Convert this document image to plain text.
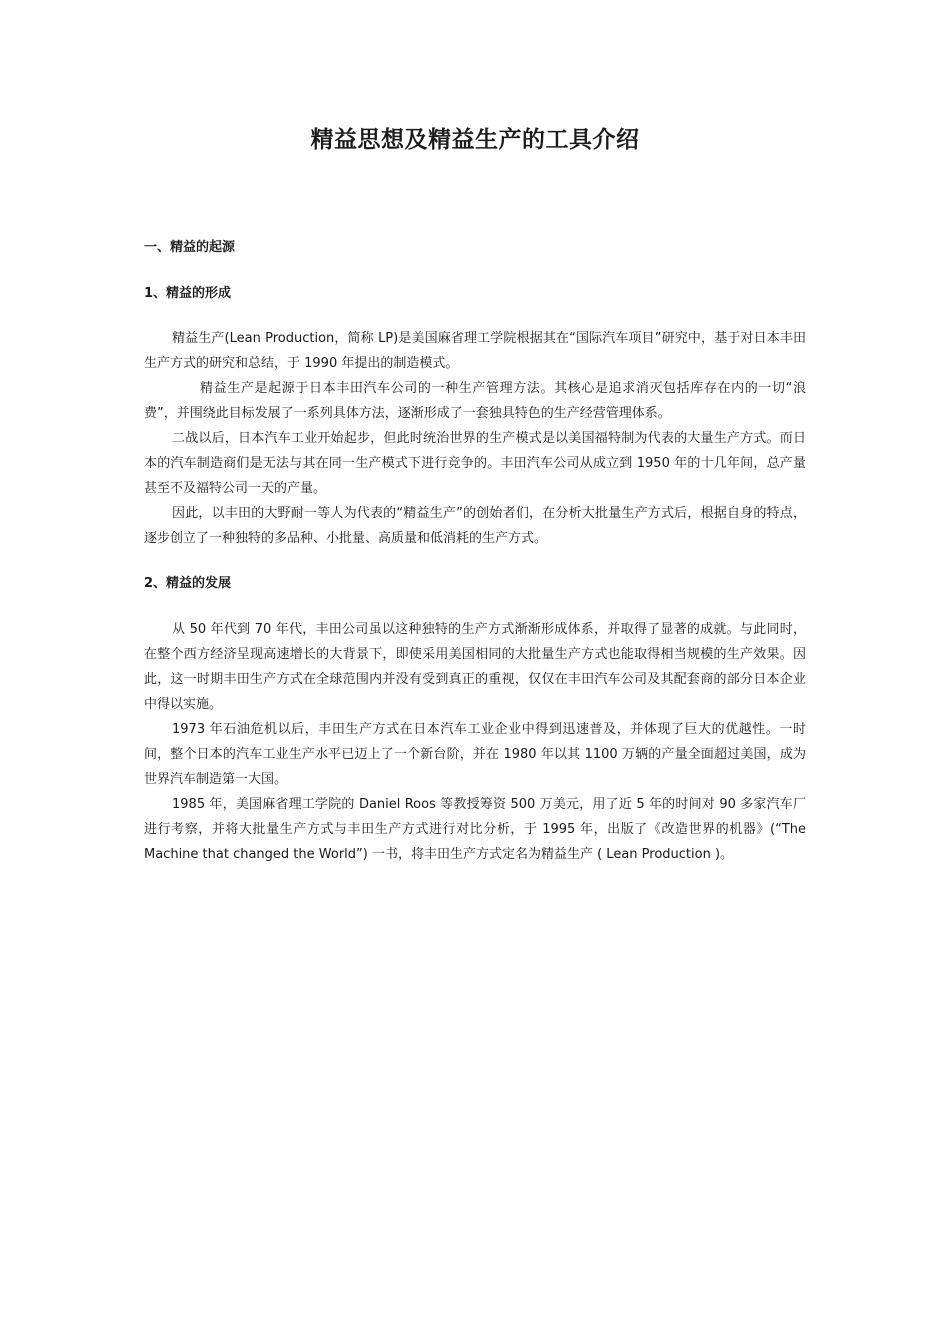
精益思想及精益生产的工具介绍
一、精益的起源
1、精益的形成

精益生产(Lean Production，简称 LP)是美国麻省理工学院根据其在“国际汽车项目”研究中，基于对日本丰田生产方式的研究和总结，于 1990 年提出的制造模式。

精益生产是起源于日本丰田汽车公司的一种生产管理方法。其核心是追求消灭包括库存在内的一切“浪费”，并围绕此目标发展了一系列具体方法，逐渐形成了一套独具特色的生产经营管理体系。

二战以后，日本汽车工业开始起步，但此时统治世界的生产模式是以美国福特制为代表的大量生产方式。而日本的汽车制造商们是无法与其在同一生产模式下进行竞争的。丰田汽车公司从成立到 1950 年的十几年间，总产量甚至不及福特公司一天的产量。

因此，以丰田的大野耐一等人为代表的“精益生产”的创始者们，在分析大批量生产方式后，根据自身的特点，逐步创立了一种独特的多品种、小批量、高质量和低消耗的生产方式。

2、精益的发展

从 50 年代到 70 年代，丰田公司虽以这种独特的生产方式渐渐形成体系，并取得了显著的成就。与此同时，在整个西方经济呈现高速增长的大背景下，即使采用美国相同的大批量生产方式也能取得相当规模的生产效果。因此，这一时期丰田生产方式在全球范围内并没有受到真正的重视，仅仅在丰田汽车公司及其配套商的部分日本企业中得以实施。

1973 年石油危机以后，丰田生产方式在日本汽车工业企业中得到迅速普及，并体现了巨大的优越性。一时间，整个日本的汽车工业生产水平已迈上了一个新台阶，并在 1980 年以其 1100 万辆的产量全面超过美国，成为世界汽车制造第一大国。

1985 年，美国麻省理工学院的 Daniel Roos 等教授筹资 500 万美元，用了近 5 年的时间对 90 多家汽车厂进行考察，并将大批量生产方式与丰田生产方式进行对比分析，于 1995 年，出版了《改造世界的机器》(“The Machine that changed the World”) 一书，将丰田生产方式定名为精益生产 ( Lean Production )。
